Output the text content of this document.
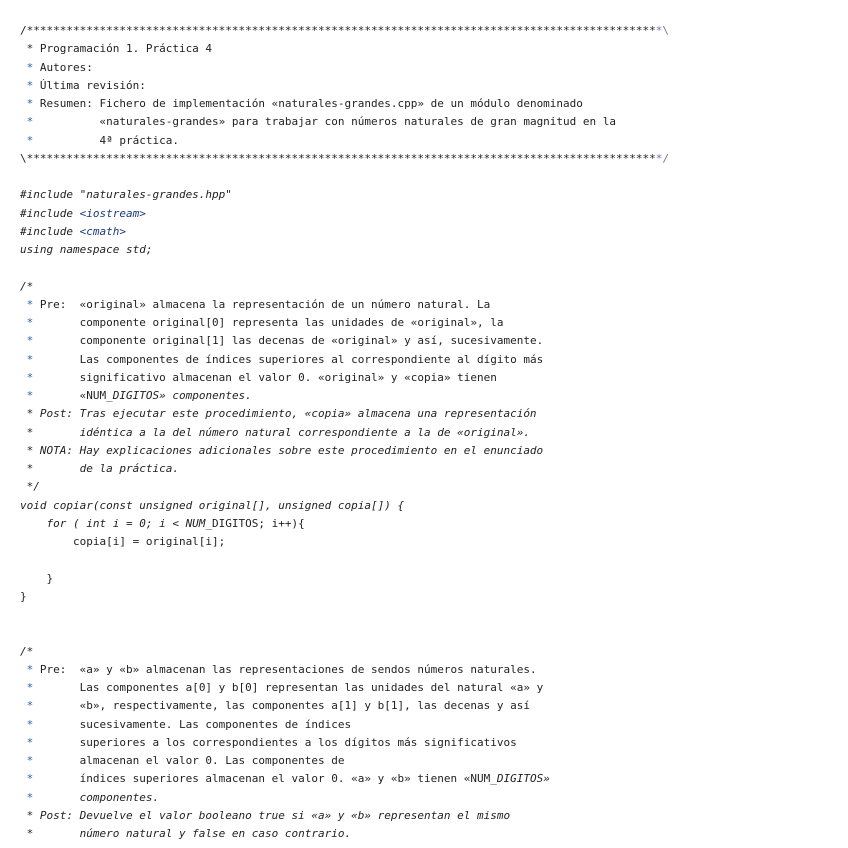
/************************************************************************************************\
* Programación 1. Práctica 4
* Autores:
* Última revisión:
* Resumen: Fichero de implementación «naturales-grandes.cpp» de un módulo denominado
*          «naturales-grandes» para trabajar con números naturales de gran magnitud en la
*          4ª práctica.
\************************************************************************************************/
#include "naturales-grandes.hpp"
#include <iostream>
#include <cmath>
using namespace std;
/*
* Pre:  «original» almacena la representación de un número natural. La
*       componente original[0] representa las unidades de «original», la
*       componente original[1] las decenas de «original» y así, sucesivamente.
*       Las componentes de índices superiores al correspondiente al dígito más
*       significativo almacenan el valor 0. «original» y «copia» tienen
*       «NUM_DIGITOS» componentes.
* Post: Tras ejecutar este procedimiento, «copia» almacena una representación
*       idéntica a la del número natural correspondiente a la de «original».
* NOTA: Hay explicaciones adicionales sobre este procedimiento en el enunciado
*       de la práctica.
*/
void copiar(const unsigned original[], unsigned copia[]) {
for ( int i = 0; i < NUM_DIGITOS; i++){
copia[i] = original[i];
}
}
/*
* Pre:  «a» y «b» almacenan las representaciones de sendos números naturales.
*       Las componentes a[0] y b[0] representan las unidades del natural «a» y
*       «b», respectivamente, las componentes a[1] y b[1], las decenas y así
*       sucesivamente. Las componentes de índices
*       superiores a los correspondientes a los dígitos más significativos
*       almacenan el valor 0. Las componentes de
*       índices superiores almacenan el valor 0. «a» y «b» tienen «NUM_DIGITOS»
*       componentes.
* Post: Devuelve el valor booleano true si «a» y «b» representan el mismo
*       número natural y false en caso contrario.
